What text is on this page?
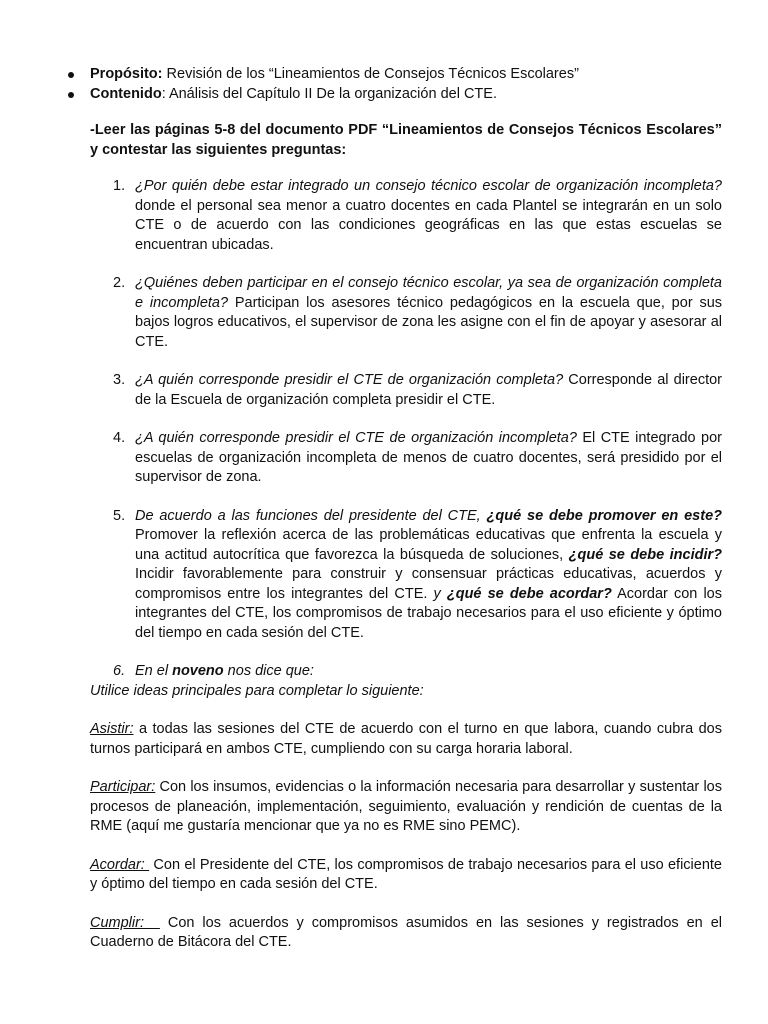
Propósito: Revisión de los “Lineamientos de Consejos Técnicos Escolares”
Contenido: Análisis del Capítulo II De la organización del CTE.

-Leer las páginas 5-8 del documento PDF “Lineamientos de Consejos Técnicos Escolares” y contestar las siguientes preguntas:

1. ¿Por quién debe estar integrado un consejo técnico escolar de organización incompleta? donde el personal sea menor a cuatro docentes en cada Plantel se integrarán en un solo CTE o de acuerdo con las condiciones geográficas en las que estas escuelas se encuentran ubicadas.
2. ¿Quiénes deben participar en el consejo técnico escolar, ya sea de organización completa e incompleta? Participan los asesores técnico pedagógicos en la escuela que, por sus bajos logros educativos, el supervisor de zona les asigne con el fin de apoyar y asesorar al CTE.
3. ¿A quién corresponde presidir el CTE de organización completa? Corresponde al director de la Escuela de organización completa presidir el CTE.
4. ¿A quién corresponde presidir el CTE de organización incompleta? El CTE integrado por escuelas de organización incompleta de menos de cuatro docentes, será presidido por el supervisor de zona.
5. De acuerdo a las funciones del presidente del CTE, ¿qué se debe promover en este? Promover la reflexión acerca de las problemáticas educativas que enfrenta la escuela y una actitud autocrítica que favorezca la búsqueda de soluciones, ¿qué se debe incidir? Incidir favorablemente para construir y consensuar prácticas educativas, acuerdos y compromisos entre los integrantes del CTE. y ¿qué se debe acordar? Acordar con los integrantes del CTE, los compromisos de trabajo necesarios para el uso eficiente y óptimo del tiempo en cada sesión del CTE.
6. En el noveno nos dice que:
Utilice ideas principales para completar lo siguiente:
Asistir: a todas las sesiones del CTE de acuerdo con el turno en que labora, cuando cubra dos turnos participará en ambos CTE, cumpliendo con su carga horaria laboral.
Participar: Con los insumos, evidencias o la información necesaria para desarrollar y sustentar los procesos de planeación, implementación, seguimiento, evaluación y rendición de cuentas de la RME (aquí me gustaría mencionar que ya no es RME sino PEMC).
Acordar:  Con el Presidente del CTE, los compromisos de trabajo necesarios para el uso eficiente y óptimo del tiempo en cada sesión del CTE.
Cumplir:   Con los acuerdos y compromisos asumidos en las sesiones y registrados en el Cuaderno de Bitácora del CTE.
